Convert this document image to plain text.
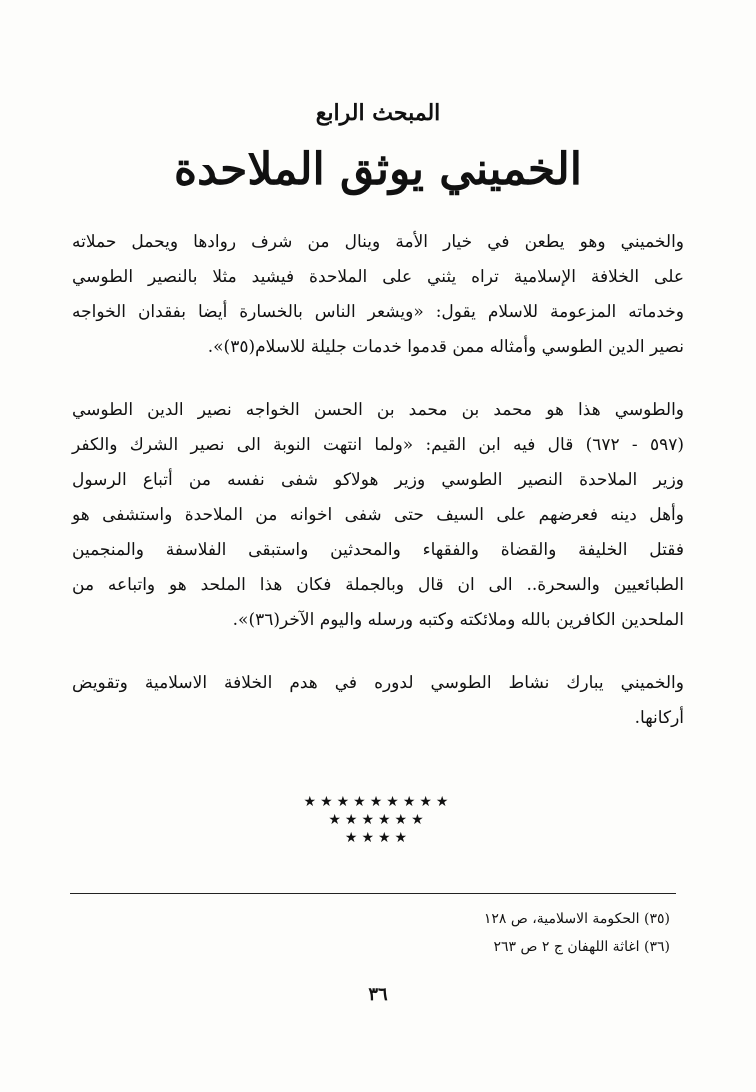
المبحث الرابع
الخميني يوثق الملاحدة

والخميني وهو يطعن في خيار الأمة وينال من شرف روادها ويحمل حملاته
على الخلافة الإسلامية تراه يثني على الملاحدة فيشيد مثلا بالنصير الطوسي
وخدماته المزعومة للاسلام يقول: «ويشعر الناس بالخسارة أيضا بفقدان الخواجه
نصير الدين الطوسي وأمثاله ممن قدموا خدمات جليلة للاسلام(٣٥)».

والطوسي هذا هو محمد بن محمد بن الحسن الخواجه نصير الدين الطوسي
(٥٩٧ - ٦٧٢) قال فيه ابن القيم: «ولما انتهت النوبة الى نصير الشرك والكفر
وزير الملاحدة النصير الطوسي وزير هولاكو شفى نفسه من أتباع الرسول
وأهل دينه فعرضهم على السيف حتى شفى اخوانه من الملاحدة واستشفى هو
فقتل الخليفة والقضاة والفقهاء والمحدثين واستبقى الفلاسفة والمنجمين
الطبائعيين والسحرة.. الى ان قال وبالجملة فكان هذا الملحد هو واتباعه من
الملحدين الكافرين بالله وملائكته وكتبه ورسله واليوم الآخر(٣٦)».

والخميني يبارك نشاط الطوسي لدوره في هدم الخلافة الاسلامية وتقويض
أركانها.

★★★★★★★★★
★★★★★★
★★★★
(٣٥) الحكومة الاسلامية، ص ١٢٨
(٣٦) اغاثة اللهفان ج ٢ ص ٢٦٣
٣٦
